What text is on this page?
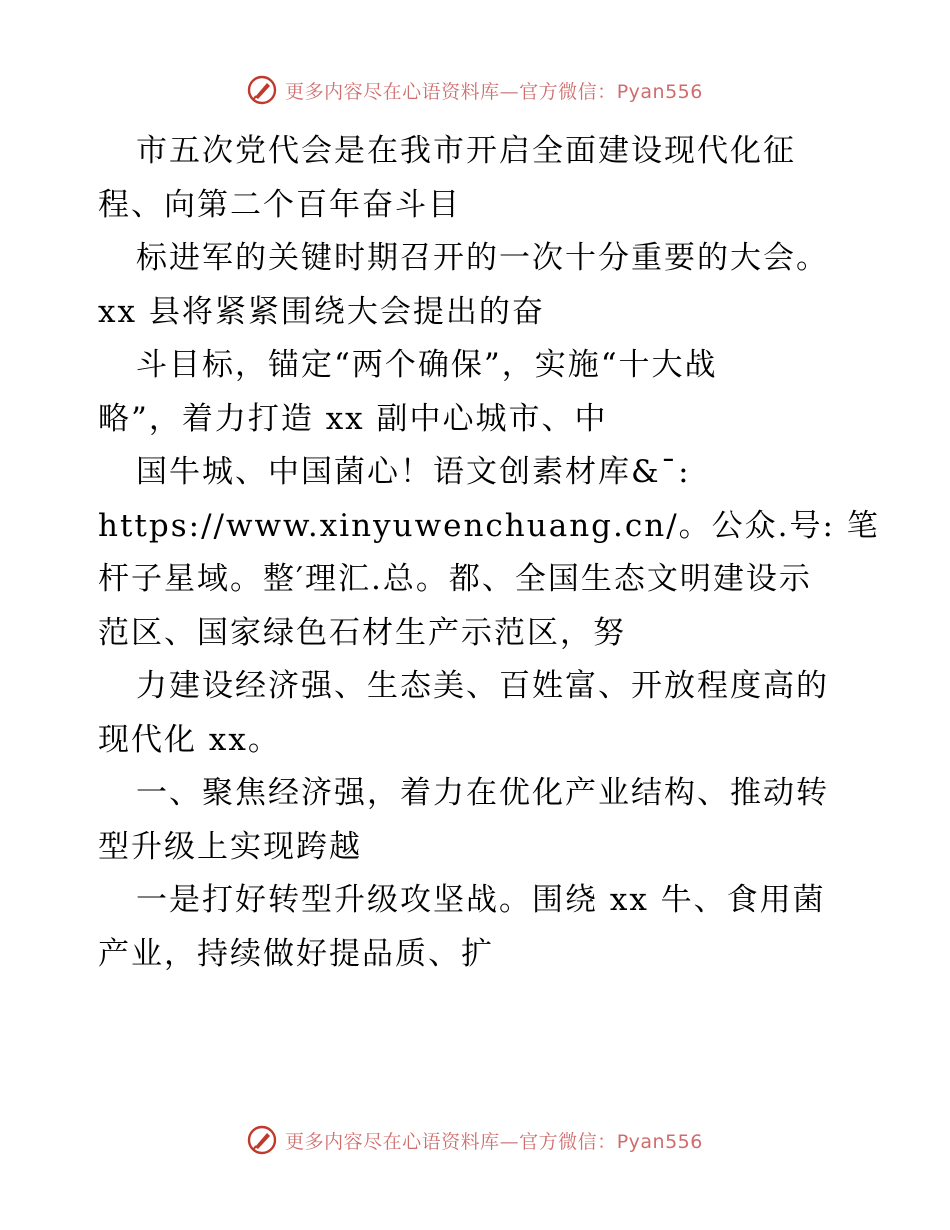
更多内容尽在心语资料库—官方微信：Pyan556
市五次党代会是在我市开启全面建设现代化征
程、向第二个百年奋斗目
标进军的关键时期召开的一次十分重要的大会。
xx 县将紧紧围绕大会提出的奋
斗目标，锚定“两个确保”，实施“十大战
略”，着力打造 xx 副中心城市、中
国牛城、中国菌心！语文创素材库&¯:
https://www.xinyuwenchuang.cn/。公众.号: 笔
杆子星域。整′理汇.总。都、全国生态文明建设示
范区、国家绿色石材生产示范区，努
力建设经济强、生态美、百姓富、开放程度高的
现代化 xx。
一、聚焦经济强，着力在优化产业结构、推动转
型升级上实现跨越
一是打好转型升级攻坚战。围绕 xx 牛、食用菌
产业，持续做好提品质、扩
更多内容尽在心语资料库—官方微信：Pyan556
